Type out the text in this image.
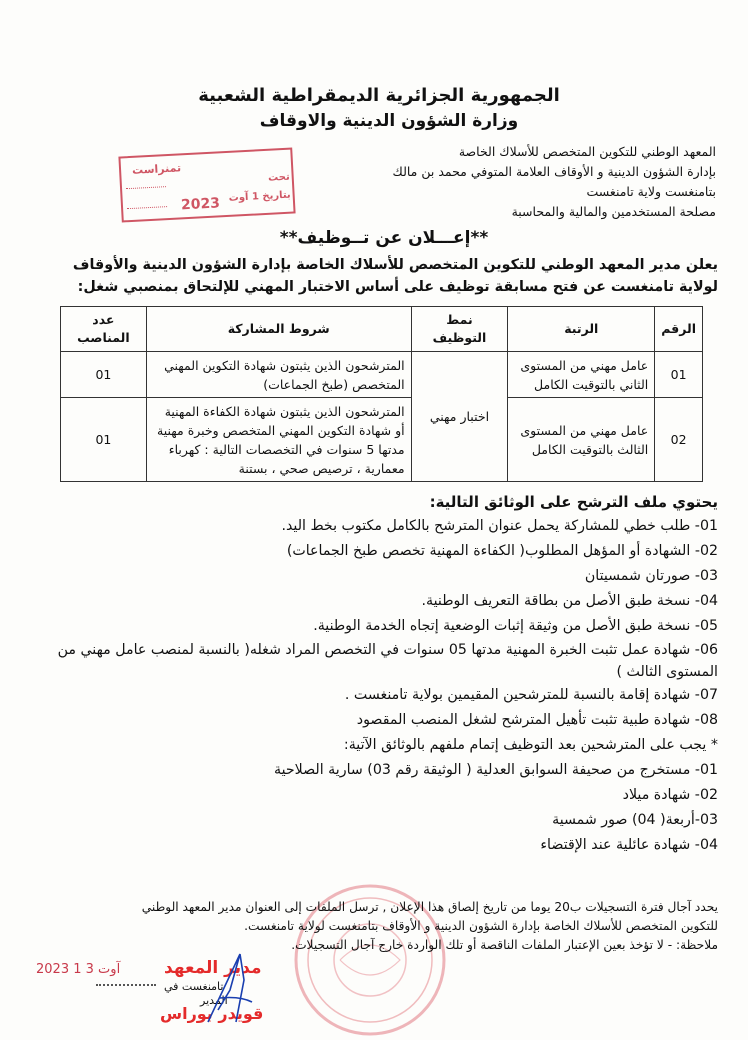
الجمهورية الجزائرية الديمقراطية الشعبية
وزارة الشؤون الدينية والاوقاف
المعهد الوطني للتكوين المتخصص للأسلاك الخاصة
بإدارة الشؤون الدينية و الأوقاف العلامة المتوفي محمد بن مالك
بتامنغست ولاية تامنغست
مصلحة المستخدمين والمالية والمحاسبة
تمنراست
تحت
بتاريخ 1 آوت
2023
**إعـــلان عن تــوظيف**
يعلن مدير المعهد الوطني للتكوين المتخصص للأسلاك الخاصة بإدارة الشؤون الدينية والأوقاف
لولاية تامنغست عن فتح مسابقة توظيف على أساس الاختبار المهني للإلتحاق بمنصبي شغل:
الرقم	الرتبة	نمط التوظيف	شروط المشاركة	عدد المناصب
01	عامل مهني من المستوى الثاني بالتوقيت الكامل	اختبار مهني	المترشحون الذين يثبتون شهادة التكوين المهني المتخصص (طبخ الجماعات)	01
02	عامل مهني من المستوى الثالث بالتوقيت الكامل		المترشحون الذين يثبتون شهادة الكفاءة المهنية أو شهادة التكوين المهني المتخصص وخبرة مهنية مدتها 5 سنوات في التخصصات التالية : كهرباء معمارية ، ترصيص صحي ، بستنة	01
يحتوي ملف الترشح على الوثائق التالية:
01- طلب خطي للمشاركة يحمل عنوان المترشح بالكامل مكتوب بخط اليد.
02- الشهادة أو المؤهل المطلوب( الكفاءة المهنية تخصص طبخ الجماعات)
03- صورتان شمسيتان
04- نسخة طبق الأصل من بطاقة التعريف الوطنية.
05- نسخة طبق الأصل من وثيقة إثبات الوضعية إتجاه الخدمة الوطنية.
06- شهادة عمل تثبت الخبرة المهنية مدتها 05 سنوات في التخصص المراد شغله( بالنسبة لمنصب عامل مهني من المستوى الثالث )
07- شهادة إقامة بالنسبة للمترشحين المقيمين بولاية تامنغست .
08- شهادة طبية تثبت تأهيل المترشح لشغل المنصب المقصود
* يجب على المترشحين بعد التوظيف إتمام ملفهم بالوثائق الآتية:
01- مستخرج من صحيفة السوابق العدلية ( الوثيقة رقم 03) سارية الصلاحية
02- شهادة ميلاد
03-أربعة( 04) صور شمسية
04- شهادة عائلية عند الإقتضاء
يحدد آجال فترة التسجيلات ب20 يوما من تاريخ إلصاق هذا الإعلان , ترسل الملفات إلى العنوان مدير المعهد الوطني
للتكوين المتخصص للأسلاك الخاصة بإدارة الشؤون الدينية و الأوقاف بتامنغست لولاية تامنغست.
ملاحظة: - لا تؤخذ بعين الإعتبار الملفات الناقصة أو تلك الواردة خارج آجال التسجيلات.
2023 آوت 3 1	مدير المعهد
تامنغست في
المدير
قويدر بوراس
